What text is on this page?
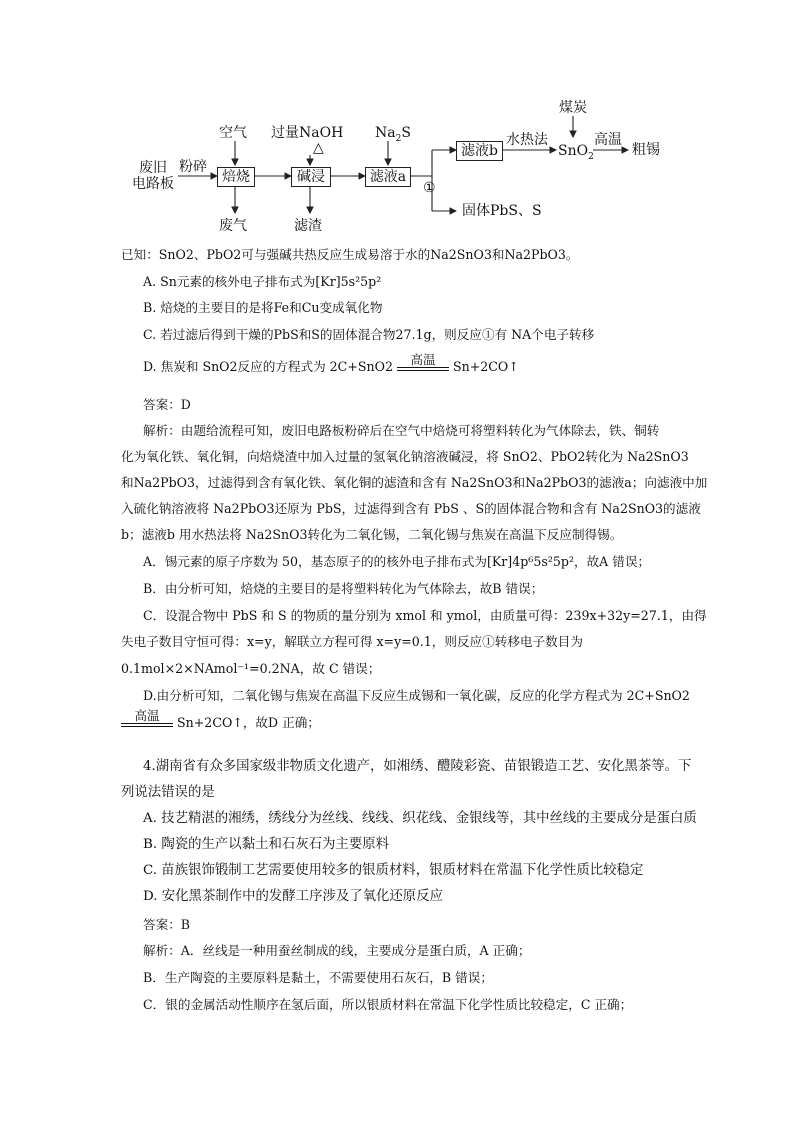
废旧
电路板
粉碎
焙烧
空气
废气
碱浸
过量NaOH
△
滤渣
滤液a
$Na_2S$
①
滤液b
固体PbS、S
水热法
煤炭
SnO$_2$
高温
粗锡
已知：SnO2、PbO2可与强碱共热反应生成易溶于水的Na2SnO3和Na2PbO3。
A. Sn元素的核外电子排布式为[Kr]5s²5p²
B. 焙烧的主要目的是将Fe和Cu变成氧化物
C. 若过滤后得到干燥的PbS和S的固体混合物27.1g，则反应①有 NA个电子转移
D. 焦炭和 SnO2反应的方程式为 2C+SnO2	高温	Sn+2CO↑
答案：D
解析：由题给流程可知，废旧电路板粉碎后在空气中焙烧可将塑料转化为气体除去，铁、铜转
化为氧化铁、氧化铜，向焙烧渣中加入过量的氢氧化钠溶液碱浸，将 SnO2、PbO2转化为 Na2SnO3
和Na2PbO3，过滤得到含有氧化铁、氧化铜的滤渣和含有 Na2SnO3和Na2PbO3的滤液a；向滤液中加
入硫化钠溶液将 Na2PbO3还原为 PbS，过滤得到含有 PbS 、S的固体混合物和含有 Na2SnO3的滤液
b；滤液b 用水热法将 Na2SnO3转化为二氧化锡，二氧化锡与焦炭在高温下反应制得锡。
A．锡元素的原子序数为 50，基态原子的的核外电子排布式为[Kr]4p⁶5s²5p²，故A 错误；
B．由分析可知，焙烧的主要目的是将塑料转化为气体除去，故B 错误；
C．设混合物中 PbS 和 S 的物质的量分别为 xmol 和 ymol，由质量可得：239x+32y=27.1，由得
失电子数目守恒可得：x=y，解联立方程可得 x=y=0.1，则反应①转移电子数目为
0.1mol×2×NAmol⁻¹=0.2NA，故 C 错误；
D.由分析可知，二氧化锡与焦炭在高温下反应生成锡和一氧化碳，反应的化学方程式为 2C+SnO2
高温	Sn+2CO↑，故D 正确；
4.湖南省有众多国家级非物质文化遗产，如湘绣、醴陵彩瓷、苗银锻造工艺、安化黑茶等。下
列说法错误的是
A. 技艺精湛的湘绣，绣线分为丝线、线线、织花线、金银线等，其中丝线的主要成分是蛋白质
B. 陶瓷的生产以黏土和石灰石为主要原料
C. 苗族银饰锻制工艺需要使用较多的银质材料，银质材料在常温下化学性质比较稳定
D. 安化黑茶制作中的发酵工序涉及了氧化还原反应
答案：B
解析：A．丝线是一种用蚕丝制成的线，主要成分是蛋白质，A 正确；
B．生产陶瓷的主要原料是黏土，不需要使用石灰石，B 错误；
C．银的金属活动性顺序在氢后面，所以银质材料在常温下化学性质比较稳定，C 正确；
